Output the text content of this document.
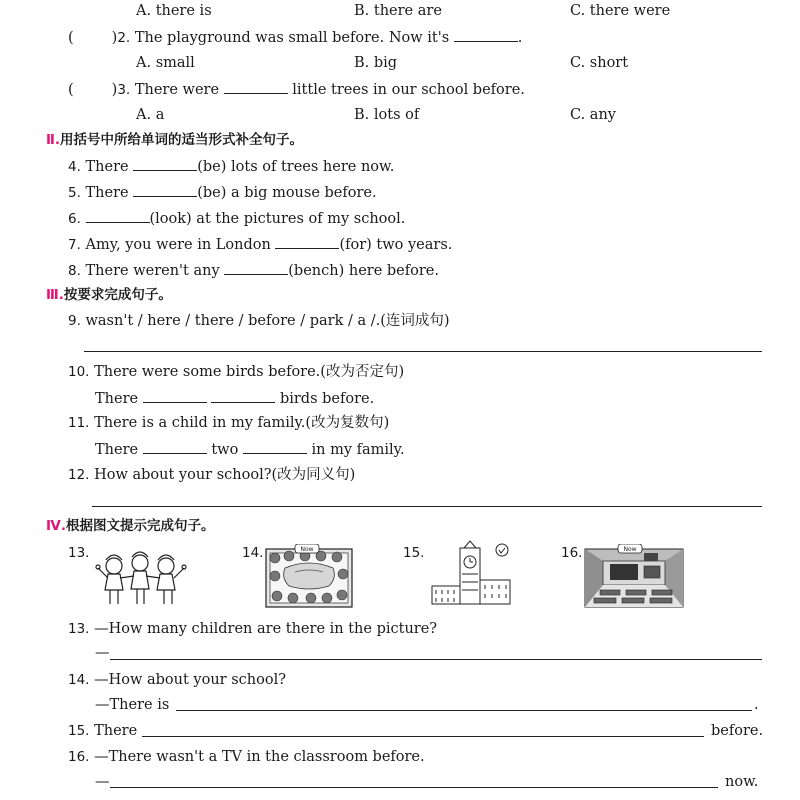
A. there is	B. there are	C. there were
(	)2. The playground was small before. Now it's	.
A. small	B. big	C. short
(	)3. There were	little trees in our school before.
A. a	B. lots of	C. any
Ⅱ.用括号中所给单词的适当形式补全句子。
4. There	(be) lots of trees here now.
5. There	(be) a big mouse before.
6.	(look) at the pictures of my school.
7. Amy, you were in London	(for) two years.
8. There weren't any	(bench) here before.
Ⅲ.按要求完成句子。
9. wasn't / here / there / before / park / a /.(连词成句)
10. There were some birds before.(改为否定句)
There	birds before.
11. There is a child in my family.(改为复数句)
There	two	in my family.
12. How about your school?(改为同义句)
Ⅳ.根据图文提示完成句子。
13.	14.	15.	16.
Now	Now
13. —How many children are there in the picture?
—
14. —How about your school?
—There is	.
15. There	before.
16. —There wasn't a TV in the classroom before.
—	now.
